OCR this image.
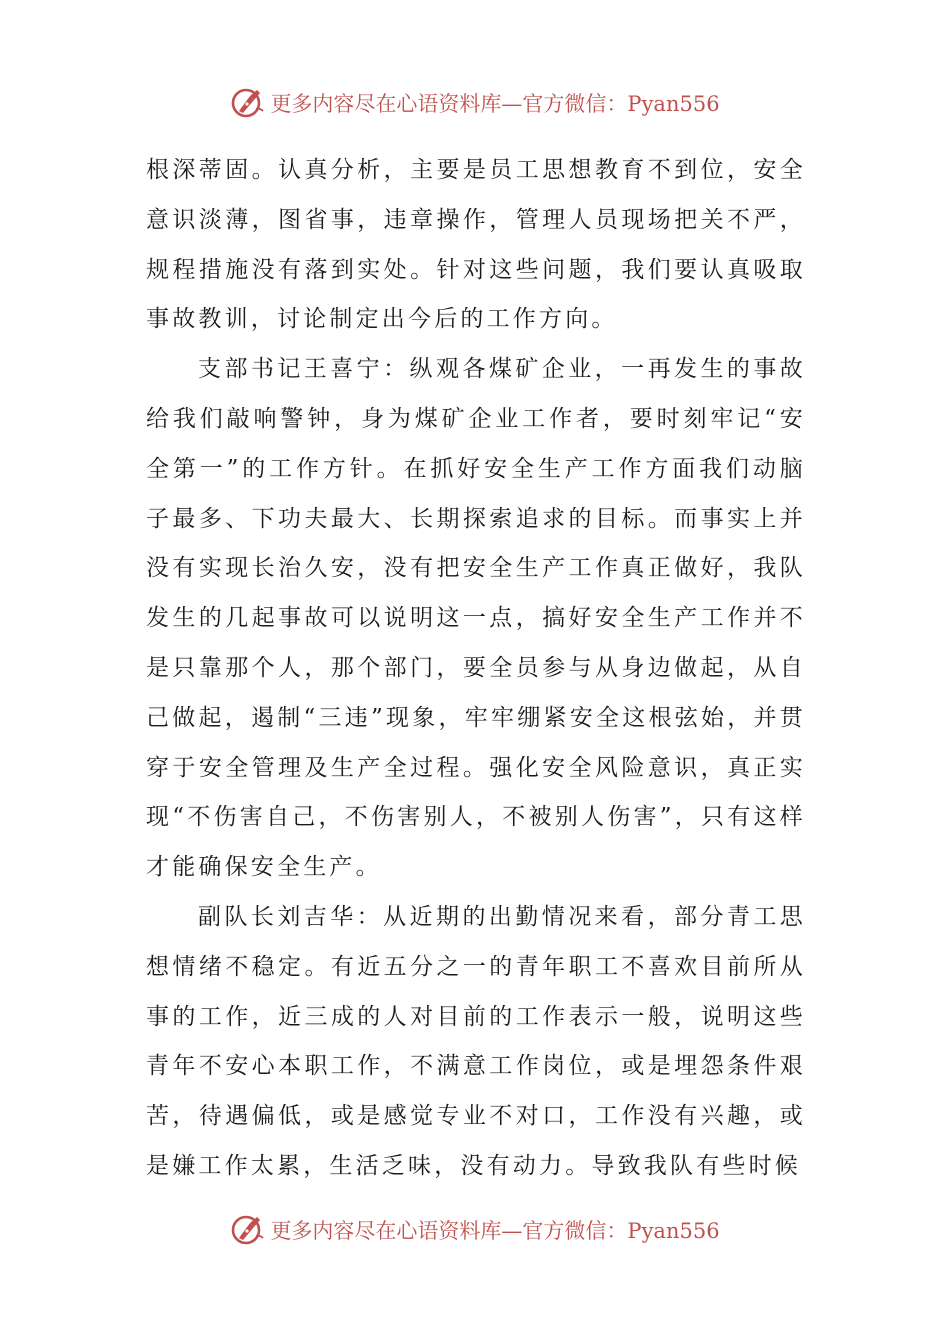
更多内容尽在心语资料库—官方微信：Pyan556

根深蒂固。认真分析，主要是员工思想教育不到位，安全意识淡薄，图省事，违章操作，管理人员现场把关不严，规程措施没有落到实处。针对这些问题，我们要认真吸取事故教训，讨论制定出今后的工作方向。

支部书记王喜宁：纵观各煤矿企业，一再发生的事故给我们敲响警钟，身为煤矿企业工作者，要时刻牢记“安全第一”的工作方针。在抓好安全生产工作方面我们动脑子最多、下功夫最大、长期探索追求的目标。而事实上并没有实现长治久安，没有把安全生产工作真正做好，我队发生的几起事故可以说明这一点，搞好安全生产工作并不是只靠那个人，那个部门，要全员参与从身边做起，从自己做起，遏制“三违”现象，牢牢绷紧安全这根弦始，并贯穿于安全管理及生产全过程。强化安全风险意识，真正实现“不伤害自己，不伤害别人，不被别人伤害”，只有这样才能确保安全生产。

副队长刘吉华：从近期的出勤情况来看，部分青工思想情绪不稳定。有近五分之一的青年职工不喜欢目前所从事的工作，近三成的人对目前的工作表示一般，说明这些青年不安心本职工作，不满意工作岗位，或是埋怨条件艰苦，待遇偏低，或是感觉专业不对口，工作没有兴趣，或是嫌工作太累，生活乏味，没有动力。导致我队有些时候

更多内容尽在心语资料库—官方微信：Pyan556
